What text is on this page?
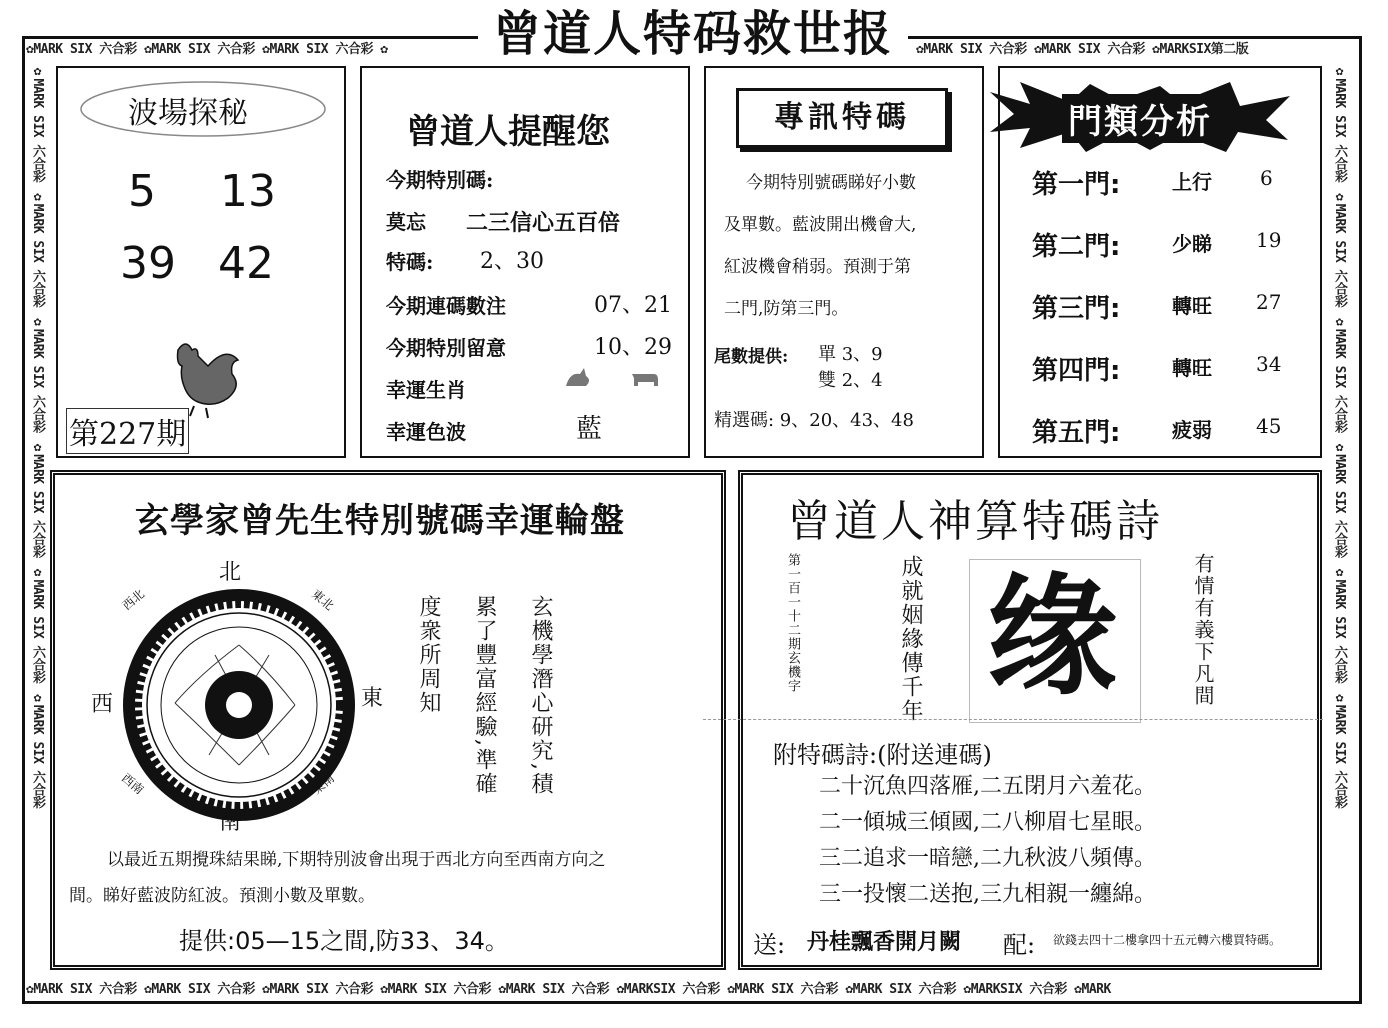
✿MARK SIX 六合彩 ✿MARK SIX 六合彩 ✿MARK SIX 六合彩 ✿	✿MARK SIX 六合彩 ✿MARK SIX 六合彩 ✿MARKSIX第二版
✿MARK SIX 六合彩 ✿MARK SIX 六合彩 ✿MARK SIX 六合彩 ✿MARK SIX 六合彩 ✿MARK SIX 六合彩 ✿MARKSIX 六合彩 ✿MARK SIX 六合彩 ✿MARK SIX 六合彩 ✿MARKSIX 六合彩 ✿MARK
✿MARK SIX 六合彩 ✿MARK SIX 六合彩 ✿MARK SIX 六合彩 ✿MARK SIX 六合彩 ✿MARK SIX 六合彩 ✿MARK SIX 六合彩	✿MARK SIX 六合彩 ✿MARK SIX 六合彩 ✿MARK SIX 六合彩 ✿MARK SIX 六合彩 ✿MARK SIX 六合彩 ✿MARK SIX 六合彩
曾道人特码救世报
波場探秘
5 13
39 42
第227期
曾道人提醒您
今期特別碼:
莫忘 二三信心五百倍
特碼: 2、30
今期連碼數注	07、21
今期特別留意	10、29
幸運生肖
幸運色波	藍
專訊特碼
今期特別號碼睇好小數
及單數。藍波開出機會大,
紅波機會稍弱。預測于第
二門,防第三門。
尾數提供: 單 3、9
雙 2、4
精選碼: 9、20、43、48
門類分析
第一門:	上行 6
第二門:	少睇 19
第三門:	轉旺 27
第四門:	轉旺 34
第五門:	疲弱 45
玄學家曾先生特別號碼幸運輪盤
北
南
東
西
西北	東北
西南	東南	玄機學潛心研究,積
累了豐富經驗,準確
度衆所周知
以最近五期攪珠結果睇,下期特別波會出現于西北方向至西南方向之
間。睇好藍波防紅波。預測小數及單數。
提供:05—15之間,防33、34。
曾道人神算特碼詩
第一百一十二期玄機字	成就姻緣傳千年 缘	有情有義下凡間
附特碼詩:(附送連碼)
二十沉魚四落雁,二五閉月六羞花。
二一傾城三傾國,二八柳眉七星眼。
三二追求一暗戀,二九秋波八頻傳。
三一投懷二送抱,三九相親一纏綿。
送: 丹桂飄香開月闕 配: 欲錢去四十二樓拿四十五元轉六樓買特碼。
